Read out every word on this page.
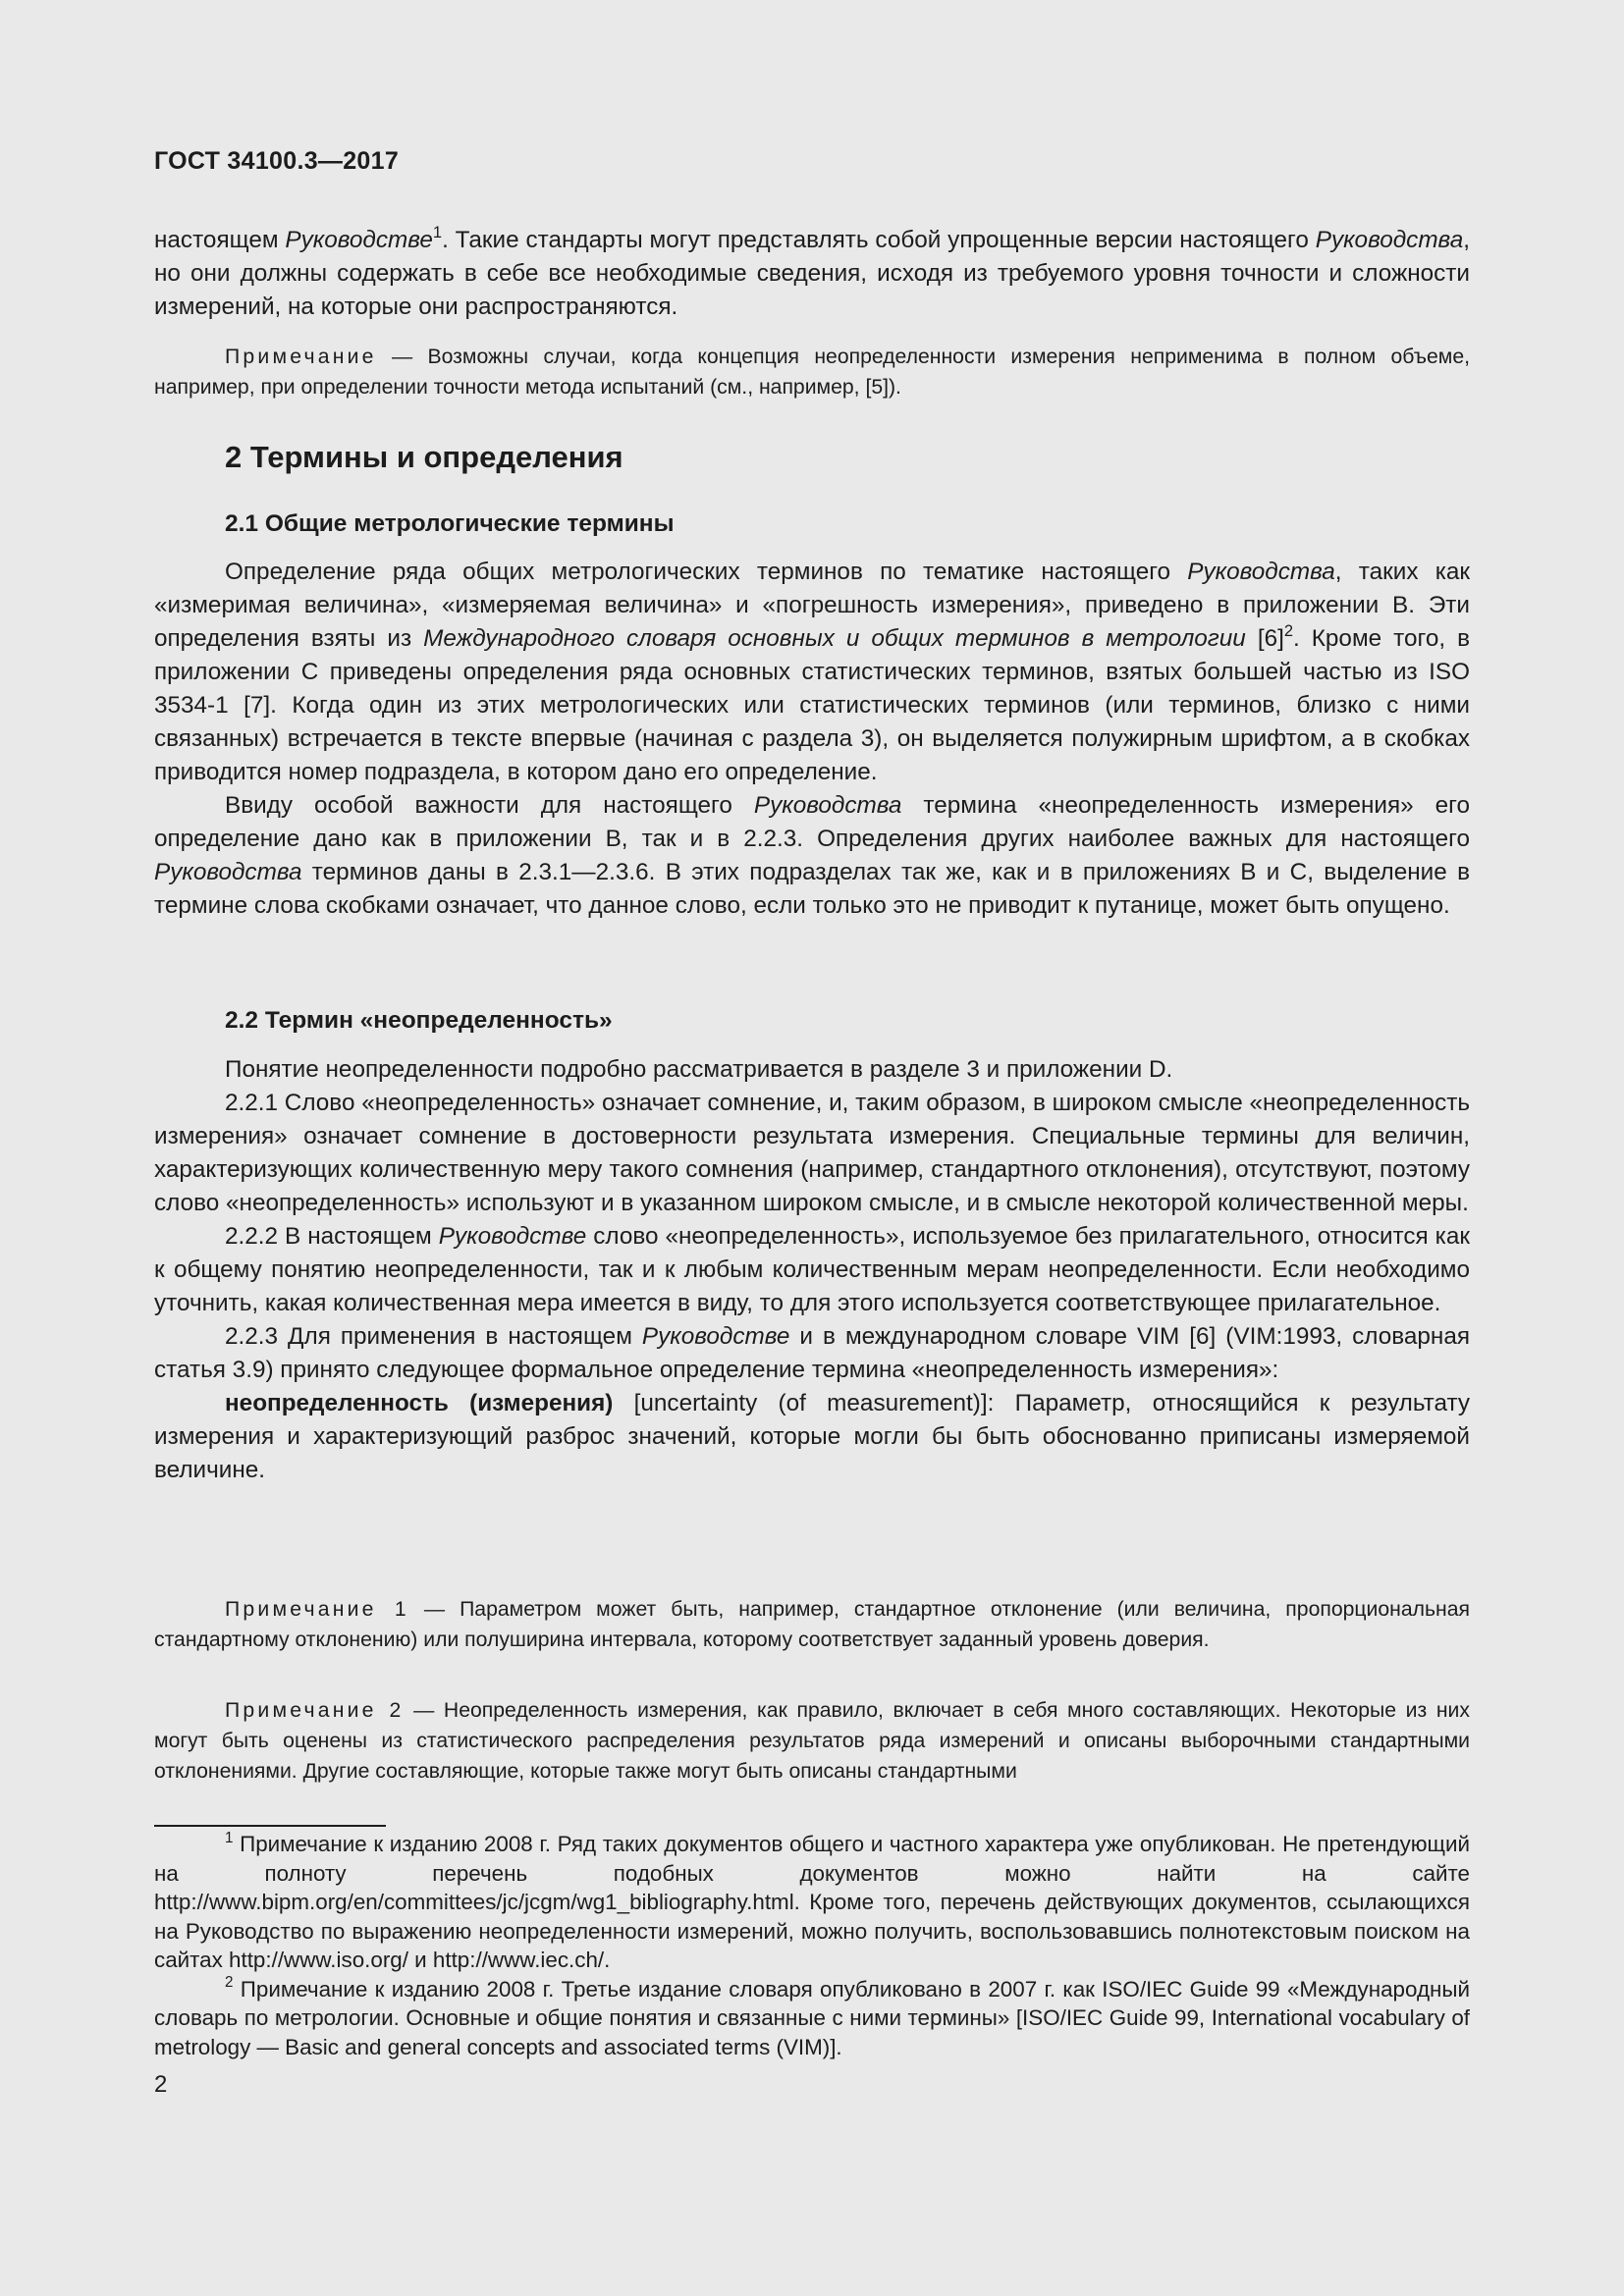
ГОСТ 34100.3—2017

настоящем Руководстве$^1$. Такие стандарты могут представлять собой упрощенные версии настоящего Руководства, но они должны содержать в себе все необходимые сведения, исходя из требуемого уровня точности и сложности измерений, на которые они распространяются.

Примечание — Возможны случаи, когда концепция неопределенности измерения неприменима в полном объеме, например, при определении точности метода испытаний (см., например, [5]).

2 Термины и определения
2.1 Общие метрологические термины

Определение ряда общих метрологических терминов по тематике настоящего Руководства, таких как «измеримая величина», «измеряемая величина» и «погрешность измерения», приведено в приложении B. Эти определения взяты из Международного словаря основных и общих терминов в метрологии $[6]^2$. Кроме того, в приложении C приведены определения ряда основных статистических терминов, взятых большей частью из ISO 3534-1 [7]. Когда один из этих метрологических или статистических терминов (или терминов, близко с ними связанных) встречается в тексте впервые (начиная с раздела 3), он выделяется полужирным шрифтом, а в скобках приводится номер подраздела, в котором дано его определение.

Ввиду особой важности для настоящего Руководства термина «неопределенность измерения» его определение дано как в приложении B, так и в 2.2.3. Определения других наиболее важных для настоящего Руководства терминов даны в 2.3.1—2.3.6. В этих подразделах так же, как и в приложениях B и C, выделение в термине слова скобками означает, что данное слово, если только это не приводит к путанице, может быть опущено.

2.2 Термин «неопределенность»

Понятие неопределенности подробно рассматривается в разделе 3 и приложении D.

2.2.1 Слово «неопределенность» означает сомнение, и, таким образом, в широком смысле «неопределенность измерения» означает сомнение в достоверности результата измерения. Специальные термины для величин, характеризующих количественную меру такого сомнения (например, стандартного отклонения), отсутствуют, поэтому слово «неопределенность» используют и в указанном широком смысле, и в смысле некоторой количественной меры.

2.2.2 В настоящем Руководстве слово «неопределенность», используемое без прилагательного, относится как к общему понятию неопределенности, так и к любым количественным мерам неопределенности. Если необходимо уточнить, какая количественная мера имеется в виду, то для этого используется соответствующее прилагательное.

2.2.3 Для применения в настоящем Руководстве и в международном словаре VIM [6] (VIM:1993, словарная статья 3.9) принято следующее формальное определение термина «неопределенность измерения»:

неопределенность (измерения) [uncertainty (of measurement)]: Параметр, относящийся к результату измерения и характеризующий разброс значений, которые могли бы быть обоснованно приписаны измеряемой величине.

Примечание 1 — Параметром может быть, например, стандартное отклонение (или величина, пропорциональная стандартному отклонению) или полуширина интервала, которому соответствует заданный уровень доверия.

Примечание 2 — Неопределенность измерения, как правило, включает в себя много составляющих. Некоторые из них могут быть оценены из статистического распределения результатов ряда измерений и описаны выборочными стандартными отклонениями. Другие составляющие, которые также могут быть описаны стандартными

$^1$ Примечание к изданию 2008 г. Ряд таких документов общего и частного характера уже опубликован. Не претендующий на полноту перечень подобных документов можно найти на сайте http://www.bipm.org/en/committees/jc/jcgm/wg1_bibliography.html. Кроме того, перечень действующих документов, ссылающихся на Руководство по выражению неопределенности измерений, можно получить, воспользовавшись полнотекстовым поиском на сайтах http://www.iso.org/ и http://www.iec.ch/.

$^2$ Примечание к изданию 2008 г. Третье издание словаря опубликовано в 2007 г. как ISO/IEC Guide 99 «Международный словарь по метрологии. Основные и общие понятия и связанные с ними термины» [ISO/IEC Guide 99, International vocabulary of metrology — Basic and general concepts and associated terms (VIM)].

2
